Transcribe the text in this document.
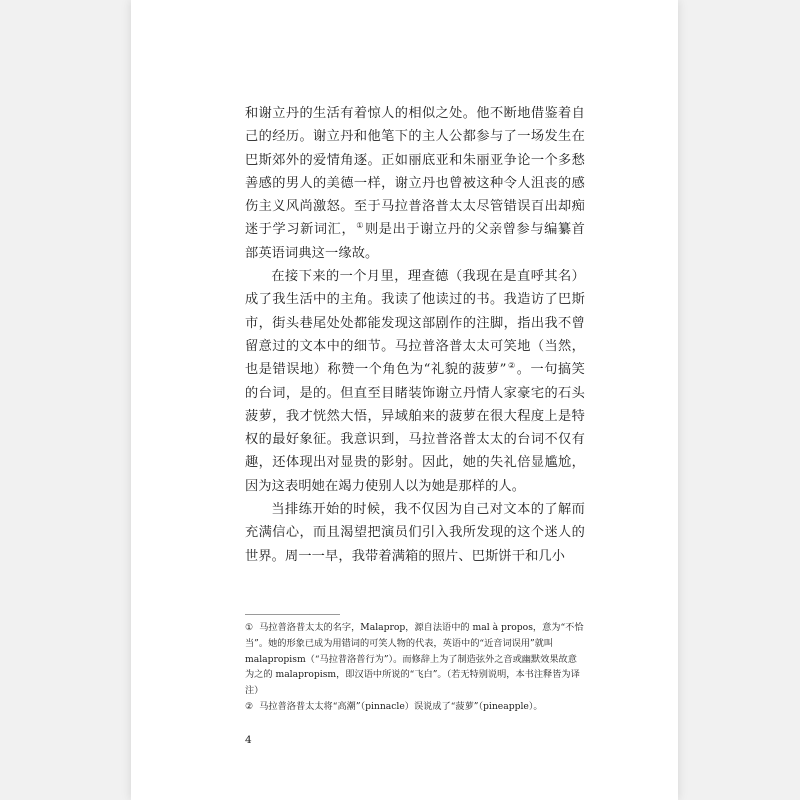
和谢立丹的生活有着惊人的相似之处。他不断地借鉴着自己的经历。谢立丹和他笔下的主人公都参与了一场发生在巴斯郊外的爱情角逐。正如丽底亚和朱丽亚争论一个多愁善感的男人的美德一样，谢立丹也曾被这种令人沮丧的感伤主义风尚激怒。至于马拉普洛普太太尽管错误百出却痴迷于学习新词汇，①则是出于谢立丹的父亲曾参与编纂首部英语词典这一缘故。

在接下来的一个月里，理查德（我现在是直呼其名）成了我生活中的主角。我读了他读过的书。我造访了巴斯市，街头巷尾处处都能发现这部剧作的注脚，指出我不曾留意过的文本中的细节。马拉普洛普太太可笑地（当然，也是错误地）称赞一个角色为“礼貌的菠萝”②。一句搞笑的台词，是的。但直至目睹装饰谢立丹情人家豪宅的石头菠萝，我才恍然大悟，异域舶来的菠萝在很大程度上是特权的最好象征。我意识到，马拉普洛普太太的台词不仅有趣，还体现出对显贵的影射。因此，她的失礼倍显尴尬，因为这表明她在竭力使别人以为她是那样的人。

当排练开始的时候，我不仅因为自己对文本的了解而充满信心，而且渴望把演员们引入我所发现的这个迷人的世界。周一一早，我带着满箱的照片、巴斯饼干和几小

① 马拉普洛普太太的名字，Malaprop，源自法语中的 mal à propos，意为“不恰当”。她的形象已成为用错词的可笑人物的代表，英语中的“近音词误用”就叫 malapropism（“马拉普洛普行为”）。而修辞上为了制造弦外之音或幽默效果故意为之的 malapropism，即汉语中所说的“飞白”。（若无特别说明，本书注释皆为译注）

② 马拉普洛普太太将“高潮”（pinnacle）误说成了“菠萝”（pineapple）。

4
